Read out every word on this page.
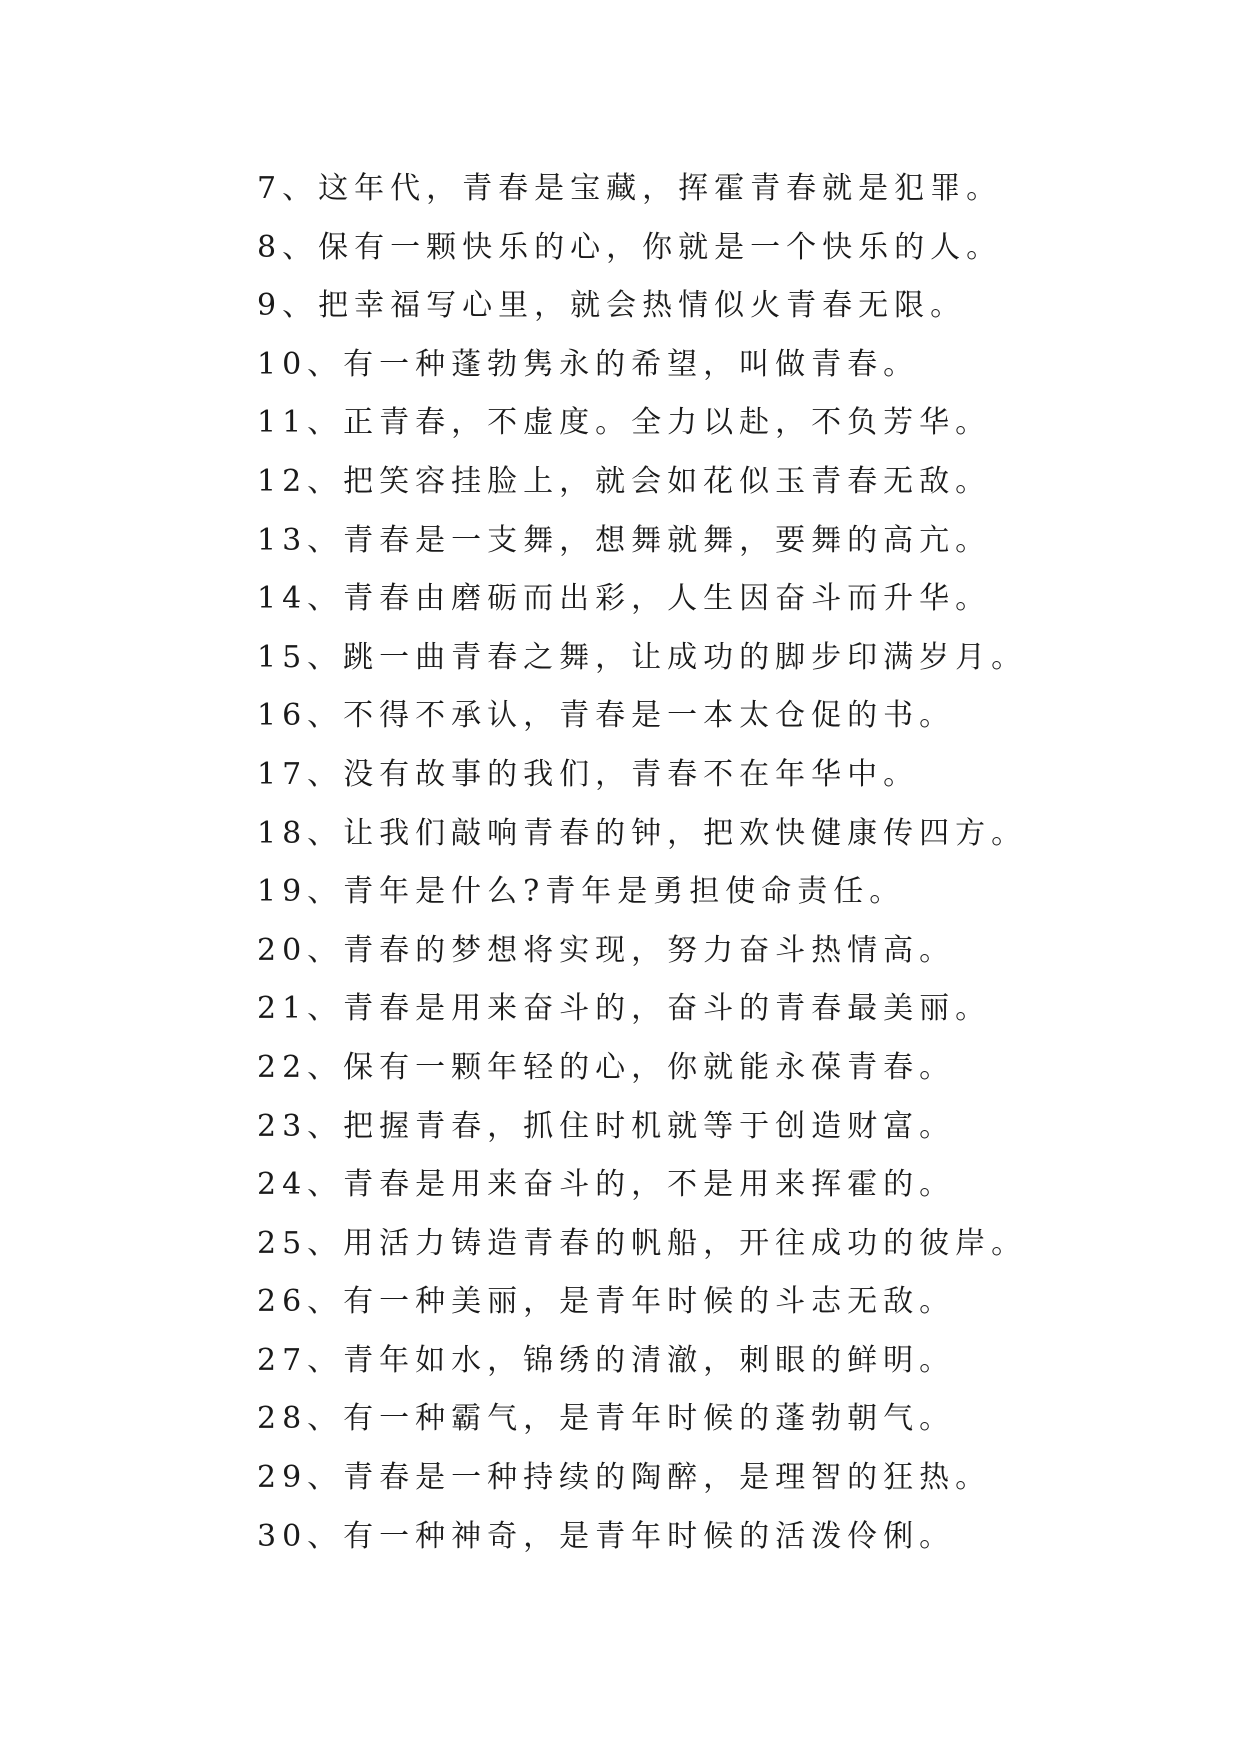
7、这年代，青春是宝藏，挥霍青春就是犯罪。
8、保有一颗快乐的心，你就是一个快乐的人。
9、把幸福写心里，就会热情似火青春无限。
10、有一种蓬勃隽永的希望，叫做青春。
11、正青春，不虚度。全力以赴，不负芳华。
12、把笑容挂脸上，就会如花似玉青春无敌。
13、青春是一支舞，想舞就舞，要舞的高亢。
14、青春由磨砺而出彩，人生因奋斗而升华。
15、跳一曲青春之舞，让成功的脚步印满岁月。
16、不得不承认，青春是一本太仓促的书。
17、没有故事的我们，青春不在年华中。
18、让我们敲响青春的钟，把欢快健康传四方。
19、青年是什么?青年是勇担使命责任。
20、青春的梦想将实现，努力奋斗热情高。
21、青春是用来奋斗的，奋斗的青春最美丽。
22、保有一颗年轻的心，你就能永葆青春。
23、把握青春，抓住时机就等于创造财富。
24、青春是用来奋斗的，不是用来挥霍的。
25、用活力铸造青春的帆船，开往成功的彼岸。
26、有一种美丽，是青年时候的斗志无敌。
27、青年如水，锦绣的清澈，刺眼的鲜明。
28、有一种霸气，是青年时候的蓬勃朝气。
29、青春是一种持续的陶醉，是理智的狂热。
30、有一种神奇，是青年时候的活泼伶俐。
